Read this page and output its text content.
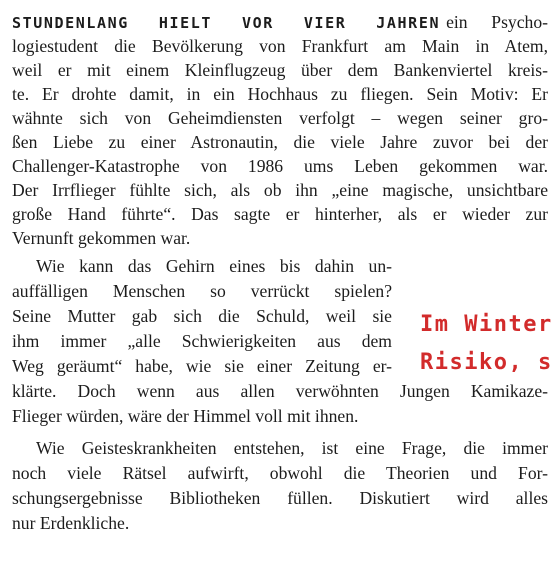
STUNDENLANG HIELT VOR VIER JAHREN ein Psycho-
logiestudent die Bevölkerung von Frankfurt am Main in Atem,
weil er mit einem Kleinflugzeug über dem Bankenviertel kreis-
te. Er drohte damit, in ein Hochhaus zu fliegen. Sein Motiv: Er
wähnte sich von Geheimdiensten verfolgt – wegen seiner gro-
ßen Liebe zu einer Astronautin, die viele Jahre zuvor bei der
Challenger-Katastrophe von 1986 ums Leben gekommen war.
Der Irrflieger fühlte sich, als ob ihn „eine magische, unsichtbare
große Hand führte“. Das sagte er hinterher, als er wieder zur
Vernunft gekommen war.
Wie kann das Gehirn eines bis dahin un-
auffälligen Menschen so verrückt spielen?
Seine Mutter gab sich die Schuld, weil sie
ihm immer „alle Schwierigkeiten aus dem
Weg geräumt“ habe, wie sie einer Zeitung er-
klärte. Doch wenn aus allen verwöhnten Jungen Kamikaze-
Flieger würden, wäre der Himmel voll mit ihnen.
Im Winter
Risiko, s
Wie Geisteskrankheiten entstehen, ist eine Frage, die immer
noch viele Rätsel aufwirft, obwohl die Theorien und For-
schungsergebnisse Bibliotheken füllen. Diskutiert wird alles
nur Erdenkliche.
